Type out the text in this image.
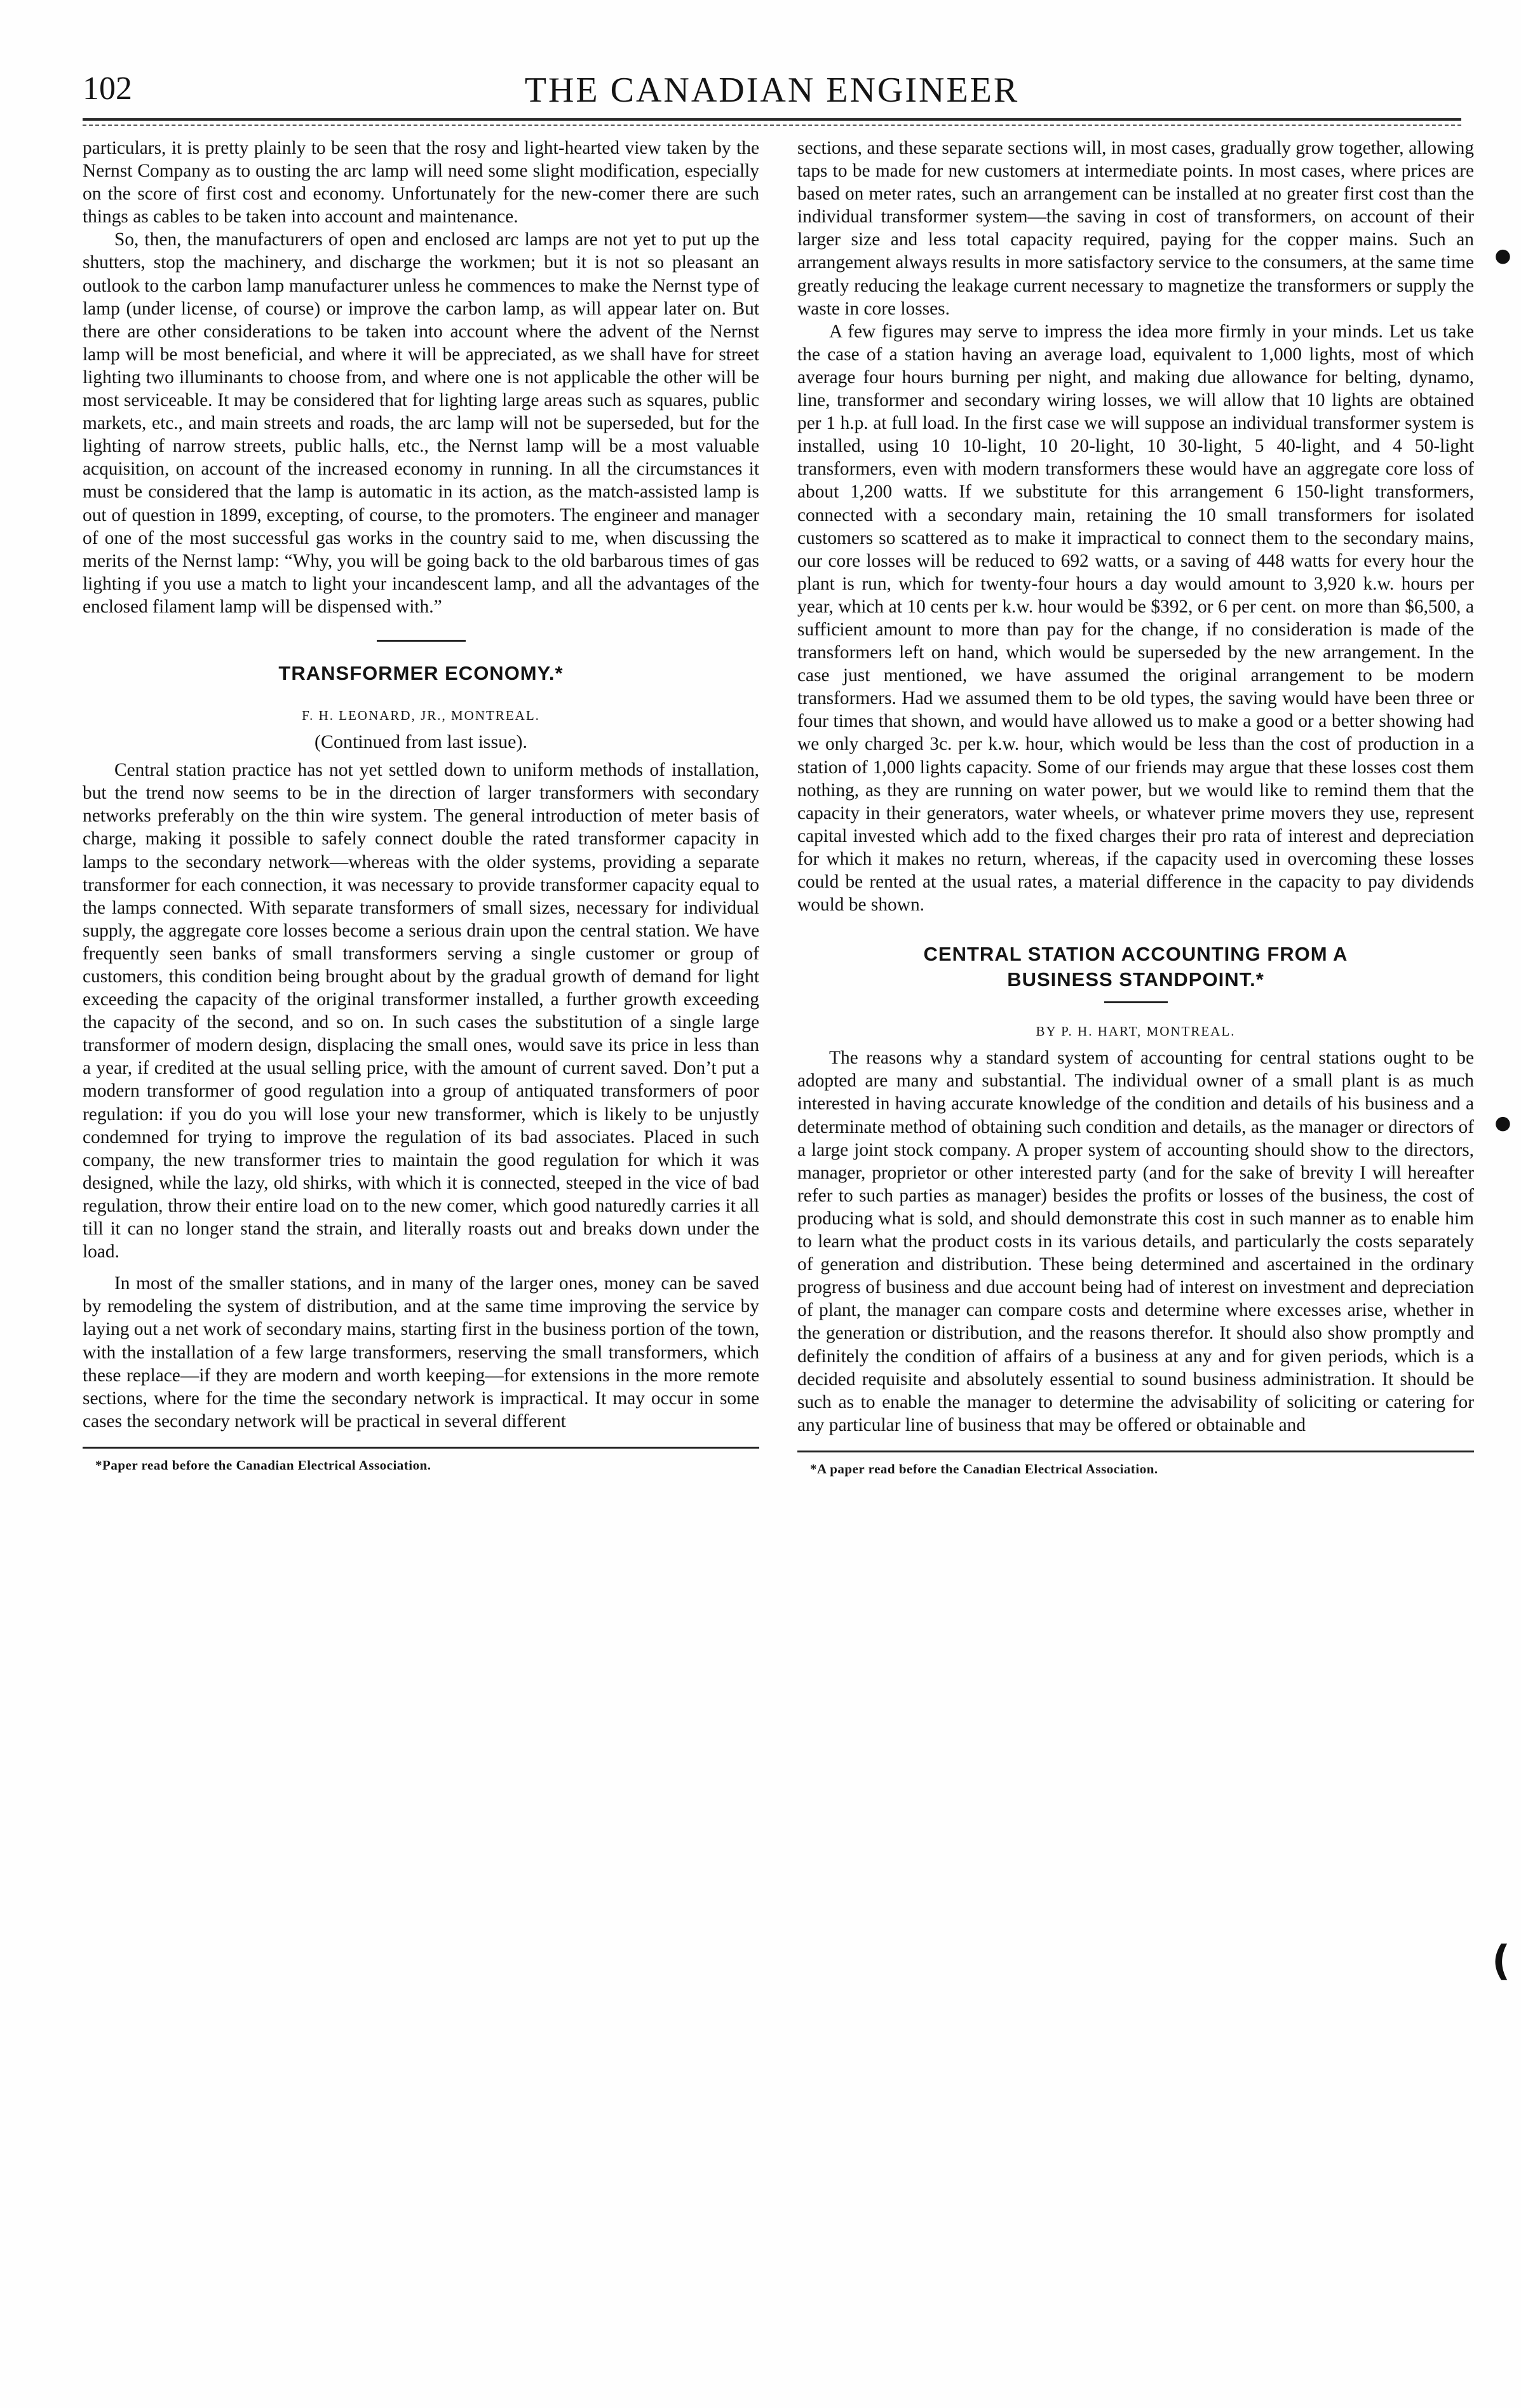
102	THE CANADIAN ENGINEER

particulars, it is pretty plainly to be seen that the rosy and light-hearted view taken by the Nernst Company as to ousting the arc lamp will need some slight modification, especially on the score of first cost and economy. Unfortunately for the new-comer there are such things as cables to be taken into account and maintenance.

So, then, the manufacturers of open and enclosed arc lamps are not yet to put up the shutters, stop the machinery, and discharge the workmen; but it is not so pleasant an outlook to the carbon lamp manufacturer unless he commences to make the Nernst type of lamp (under license, of course) or improve the carbon lamp, as will appear later on. But there are other considerations to be taken into account where the advent of the Nernst lamp will be most beneficial, and where it will be appreciated, as we shall have for street lighting two illuminants to choose from, and where one is not applicable the other will be most serviceable. It may be considered that for lighting large areas such as squares, public markets, etc., and main streets and roads, the arc lamp will not be superseded, but for the lighting of narrow streets, public halls, etc., the Nernst lamp will be a most valuable acquisition, on account of the increased economy in running. In all the circumstances it must be considered that the lamp is automatic in its action, as the match-assisted lamp is out of question in 1899, excepting, of course, to the promoters. The engineer and manager of one of the most successful gas works in the country said to me, when discussing the merits of the Nernst lamp: “Why, you will be going back to the old barbarous times of gas lighting if you use a match to light your incandescent lamp, and all the advantages of the enclosed filament lamp will be dispensed with.”

TRANSFORMER ECONOMY.*
F. H. LEONARD, JR., MONTREAL.
(Continued from last issue).

Central station practice has not yet settled down to uniform methods of installation, but the trend now seems to be in the direction of larger transformers with secondary networks preferably on the thin wire system. The general introduction of meter basis of charge, making it possible to safely connect double the rated transformer capacity in lamps to the secondary network—whereas with the older systems, providing a separate transformer for each connection, it was necessary to provide transformer capacity equal to the lamps connected. With separate transformers of small sizes, necessary for individual supply, the aggregate core losses become a serious drain upon the central station. We have frequently seen banks of small transformers serving a single customer or group of customers, this condition being brought about by the gradual growth of demand for light exceeding the capacity of the original transformer installed, a further growth exceeding the capacity of the second, and so on. In such cases the substitution of a single large transformer of modern design, displacing the small ones, would save its price in less than a year, if credited at the usual selling price, with the amount of current saved. Don’t put a modern transformer of good regulation into a group of antiquated transformers of poor regulation: if you do you will lose your new transformer, which is likely to be unjustly condemned for trying to improve the regulation of its bad associates. Placed in such company, the new transformer tries to maintain the good regulation for which it was designed, while the lazy, old shirks, with which it is connected, steeped in the vice of bad regulation, throw their entire load on to the new comer, which good naturedly carries it all till it can no longer stand the strain, and literally roasts out and breaks down under the load.

In most of the smaller stations, and in many of the larger ones, money can be saved by remodeling the system of distribution, and at the same time improving the service by laying out a net work of secondary mains, starting first in the business portion of the town, with the installation of a few large transformers, reserving the small transformers, which these replace—if they are modern and worth keeping—for extensions in the more remote sections, where for the time the secondary network is impractical. It may occur in some cases the secondary network will be practical in several different

*Paper read before the Canadian Electrical Association.

sections, and these separate sections will, in most cases, gradually grow together, allowing taps to be made for new customers at intermediate points. In most cases, where prices are based on meter rates, such an arrangement can be installed at no greater first cost than the individual transformer system—the saving in cost of transformers, on account of their larger size and less total capacity required, paying for the copper mains. Such an arrangement always results in more satisfactory service to the consumers, at the same time greatly reducing the leakage current necessary to magnetize the transformers or supply the waste in core losses.

A few figures may serve to impress the idea more firmly in your minds. Let us take the case of a station having an average load, equivalent to 1,000 lights, most of which average four hours burning per night, and making due allowance for belting, dynamo, line, transformer and secondary wiring losses, we will allow that 10 lights are obtained per 1 h.p. at full load. In the first case we will suppose an individual transformer system is installed, using 10 10-light, 10 20-light, 10 30-light, 5 40-light, and 4 50-light transformers, even with modern transformers these would have an aggregate core loss of about 1,200 watts. If we substitute for this arrangement 6 150-light transformers, connected with a secondary main, retaining the 10 small transformers for isolated customers so scattered as to make it impractical to connect them to the secondary mains, our core losses will be reduced to 692 watts, or a saving of 448 watts for every hour the plant is run, which for twenty-four hours a day would amount to 3,920 k.w. hours per year, which at 10 cents per k.w. hour would be $392, or 6 per cent. on more than $6,500, a sufficient amount to more than pay for the change, if no consideration is made of the transformers left on hand, which would be superseded by the new arrangement. In the case just mentioned, we have assumed the original arrangement to be modern transformers. Had we assumed them to be old types, the saving would have been three or four times that shown, and would have allowed us to make a good or a better showing had we only charged 3c. per k.w. hour, which would be less than the cost of production in a station of 1,000 lights capacity. Some of our friends may argue that these losses cost them nothing, as they are running on water power, but we would like to remind them that the capacity in their generators, water wheels, or whatever prime movers they use, represent capital invested which add to the fixed charges their pro rata of interest and depreciation for which it makes no return, whereas, if the capacity used in overcoming these losses could be rented at the usual rates, a material difference in the capacity to pay dividends would be shown.

CENTRAL STATION ACCOUNTING FROM A
BUSINESS STANDPOINT.*
BY P. H. HART, MONTREAL.

The reasons why a standard system of accounting for central stations ought to be adopted are many and substantial. The individual owner of a small plant is as much interested in having accurate knowledge of the condition and details of his business and a determinate method of obtaining such condition and details, as the manager or directors of a large joint stock company. A proper system of accounting should show to the directors, manager, proprietor or other interested party (and for the sake of brevity I will hereafter refer to such parties as manager) besides the profits or losses of the business, the cost of producing what is sold, and should demonstrate this cost in such manner as to enable him to learn what the product costs in its various details, and particularly the costs separately of generation and distribution. These being determined and ascertained in the ordinary progress of business and due account being had of interest on investment and depreciation of plant, the manager can compare costs and determine where excesses arise, whether in the generation or distribution, and the reasons therefor. It should also show promptly and definitely the condition of affairs of a business at any and for given periods, which is a decided requisite and absolutely essential to sound business administration. It should be such as to enable the manager to determine the advisability of soliciting or catering for any particular line of business that may be offered or obtainable and

*A paper read before the Canadian Electrical Association.
•
•
(
